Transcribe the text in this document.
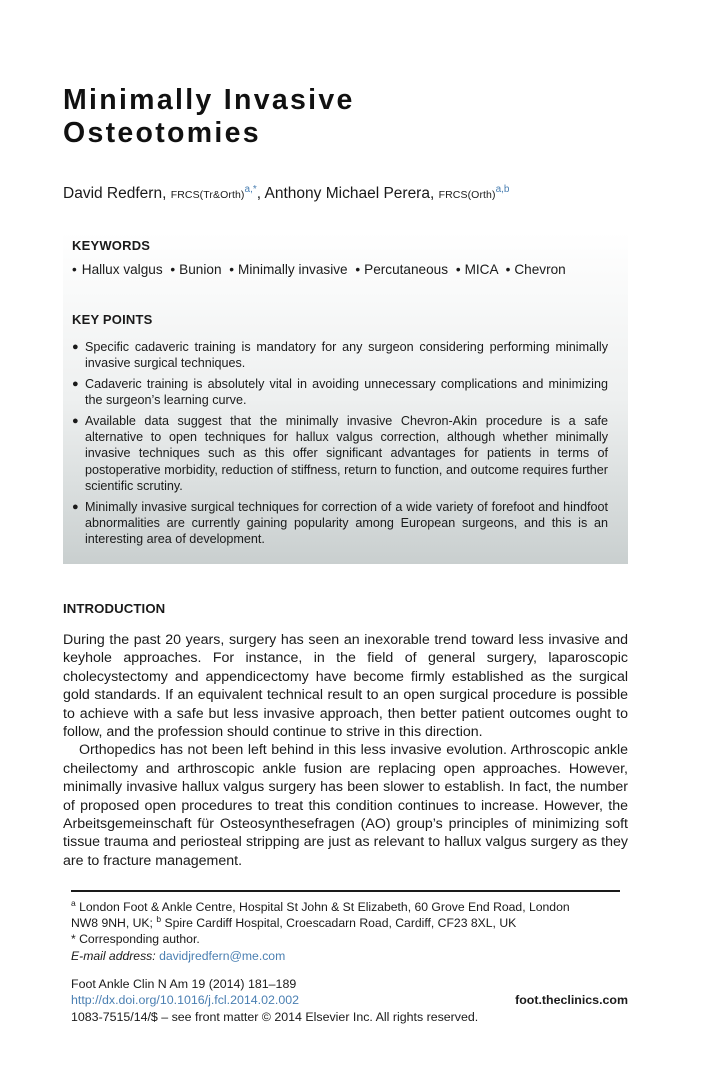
Minimally Invasive
Osteotomies

David Redfern, FRCS(Tr&Orth)$^{a,*}$, Anthony Michael Perera, FRCS(Orth)$^{a,b}$

KEYWORDS

• Hallux valgus • Bunion • Minimally invasive • Percutaneous • MICA • Chevron

KEY POINTS
● Specific cadaveric training is mandatory for any surgeon considering performing minimally invasive surgical techniques.
● Cadaveric training is absolutely vital in avoiding unnecessary complications and minimizing the surgeon’s learning curve.
● Available data suggest that the minimally invasive Chevron-Akin procedure is a safe alternative to open techniques for hallux valgus correction, although whether minimally invasive techniques such as this offer significant advantages for patients in terms of postoperative morbidity, reduction of stiffness, return to function, and outcome requires further scientific scrutiny.
● Minimally invasive surgical techniques for correction of a wide variety of forefoot and hindfoot abnormalities are currently gaining popularity among European surgeons, and this is an interesting area of development.
INTRODUCTION

During the past 20 years, surgery has seen an inexorable trend toward less invasive and keyhole approaches. For instance, in the field of general surgery, laparoscopic cholecystectomy and appendicectomy have become firmly established as the surgical gold standards. If an equivalent technical result to an open surgical procedure is possible to achieve with a safe but less invasive approach, then better patient outcomes ought to follow, and the profession should continue to strive in this direction.

Orthopedics has not been left behind in this less invasive evolution. Arthroscopic ankle cheilectomy and arthroscopic ankle fusion are replacing open approaches. However, minimally invasive hallux valgus surgery has been slower to establish. In fact, the number of proposed open procedures to treat this condition continues to increase. However, the Arbeitsgemeinschaft für Osteosynthesefragen (AO) group’s principles of minimizing soft tissue trauma and periosteal stripping are just as relevant to hallux valgus surgery as they are to fracture management.

$^a$ London Foot & Ankle Centre, Hospital St John & St Elizabeth, 60 Grove End Road, London

NW8 9NH, UK; $^b$ Spire Cardiff Hospital, Croescadarn Road, Cardiff, CF23 8XL, UK

* Corresponding author.

E-mail address: davidjredfern@me.com

Foot Ankle Clin N Am 19 (2014) 181–189

http://dx.doi.org/10.1016/j.fcl.2014.02.002

1083-7515/14/$ – see front matter © 2014 Elsevier Inc. All rights reserved.

foot.theclinics.com
